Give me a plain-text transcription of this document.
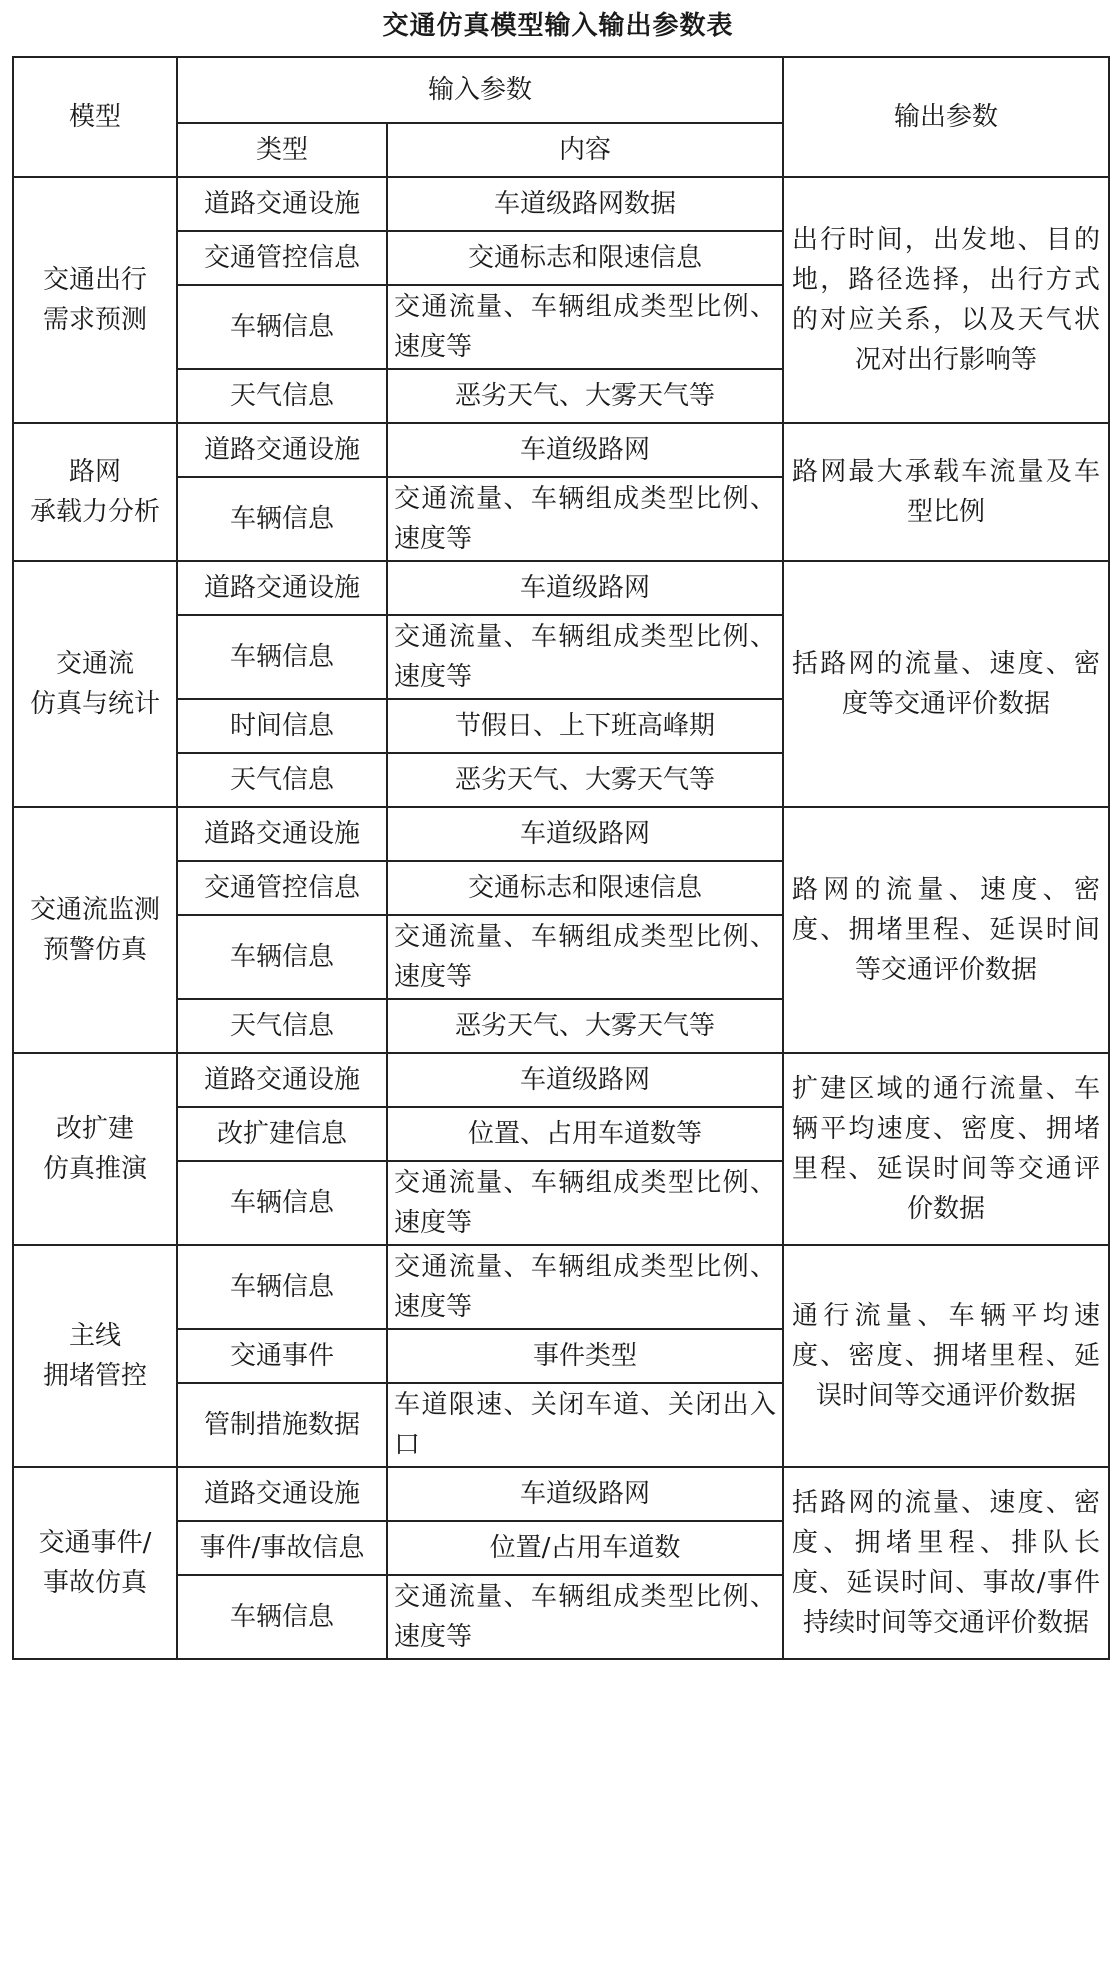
交通仿真模型输入输出参数表
模型	输入参数		输出参数
	类型	内容	
交通出行
需求预测	道路交通设施	车道级路网数据	出行时间，出发地、目的地，路径选择，出行方式的对应关系，以及天气状况对出行影响等
	交通管控信息	交通标志和限速信息	
	车辆信息	交通流量、车辆组成类型比例、速度等	
	天气信息	恶劣天气、大雾天气等	
路网
承载力分析	道路交通设施	车道级路网	路网最大承载车流量及车型比例
	车辆信息	交通流量、车辆组成类型比例、速度等	
交通流
仿真与统计	道路交通设施	车道级路网	括路网的流量、速度、密度等交通评价数据
	车辆信息	交通流量、车辆组成类型比例、速度等	
	时间信息	节假日、上下班高峰期	
	天气信息	恶劣天气、大雾天气等	
交通流监测
预警仿真	道路交通设施	车道级路网	路网的流量、速度、密度、拥堵里程、延误时间等交通评价数据
	交通管控信息	交通标志和限速信息	
	车辆信息	交通流量、车辆组成类型比例、速度等	
	天气信息	恶劣天气、大雾天气等	
改扩建
仿真推演	道路交通设施	车道级路网	扩建区域的通行流量、车辆平均速度、密度、拥堵里程、延误时间等交通评价数据
	改扩建信息	位置、占用车道数等	
	车辆信息	交通流量、车辆组成类型比例、速度等	
主线
拥堵管控	车辆信息	交通流量、车辆组成类型比例、速度等	通行流量、车辆平均速度、密度、拥堵里程、延误时间等交通评价数据
	交通事件	事件类型	
	管制措施数据	车道限速、关闭车道、关闭出入口	
交通事件/
事故仿真	道路交通设施	车道级路网	括路网的流量、速度、密度、拥堵里程、排队长度、延误时间、事故/事件持续时间等交通评价数据
	事件/事故信息	位置/占用车道数	
	车辆信息	交通流量、车辆组成类型比例、速度等	
